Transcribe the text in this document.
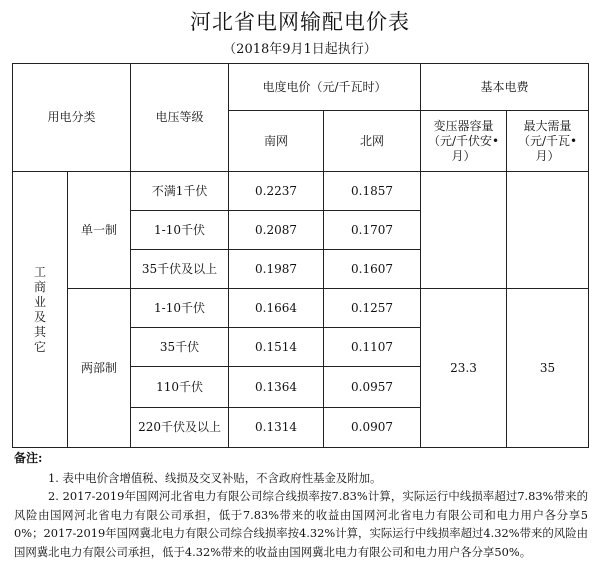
河北省电网输配电价表
（2018年9月1日起执行）
用电分类		电压等级	电度电价（元/千瓦时）		基本电费	
			南网	北网	变压器容量（元/千伏安•月）	最大需量（元/千瓦•月）
工商业及其它	单一制	不满1千伏	0.2237	0.1857		
		1-10千伏	0.2087	0.1707		
		35千伏及以上	0.1987	0.1607		
	两部制	1-10千伏	0.1664	0.1257	23.3	35
		35千伏	0.1514	0.1107		
		110千伏	0.1364	0.0957		
		220千伏及以上	0.1314	0.0907		
备注:
1. 表中电价含增值税、线损及交叉补贴，不含政府性基金及附加。
2. 2017-2019年国网河北省电力有限公司综合线损率按7.83%计算，实际运行中线损率超过7.83%带来的风险由国网河北省电力有限公司承担，低于7.83%带来的收益由国网河北省电力有限公司和电力用户各分享50%；2017-2019年国网冀北电力有限公司综合线损率按4.32%计算，实际运行中线损率超过4.32%带来的风险由国网冀北电力有限公司承担，低于4.32%带来的收益由国网冀北电力有限公司和电力用户各分享50%。
